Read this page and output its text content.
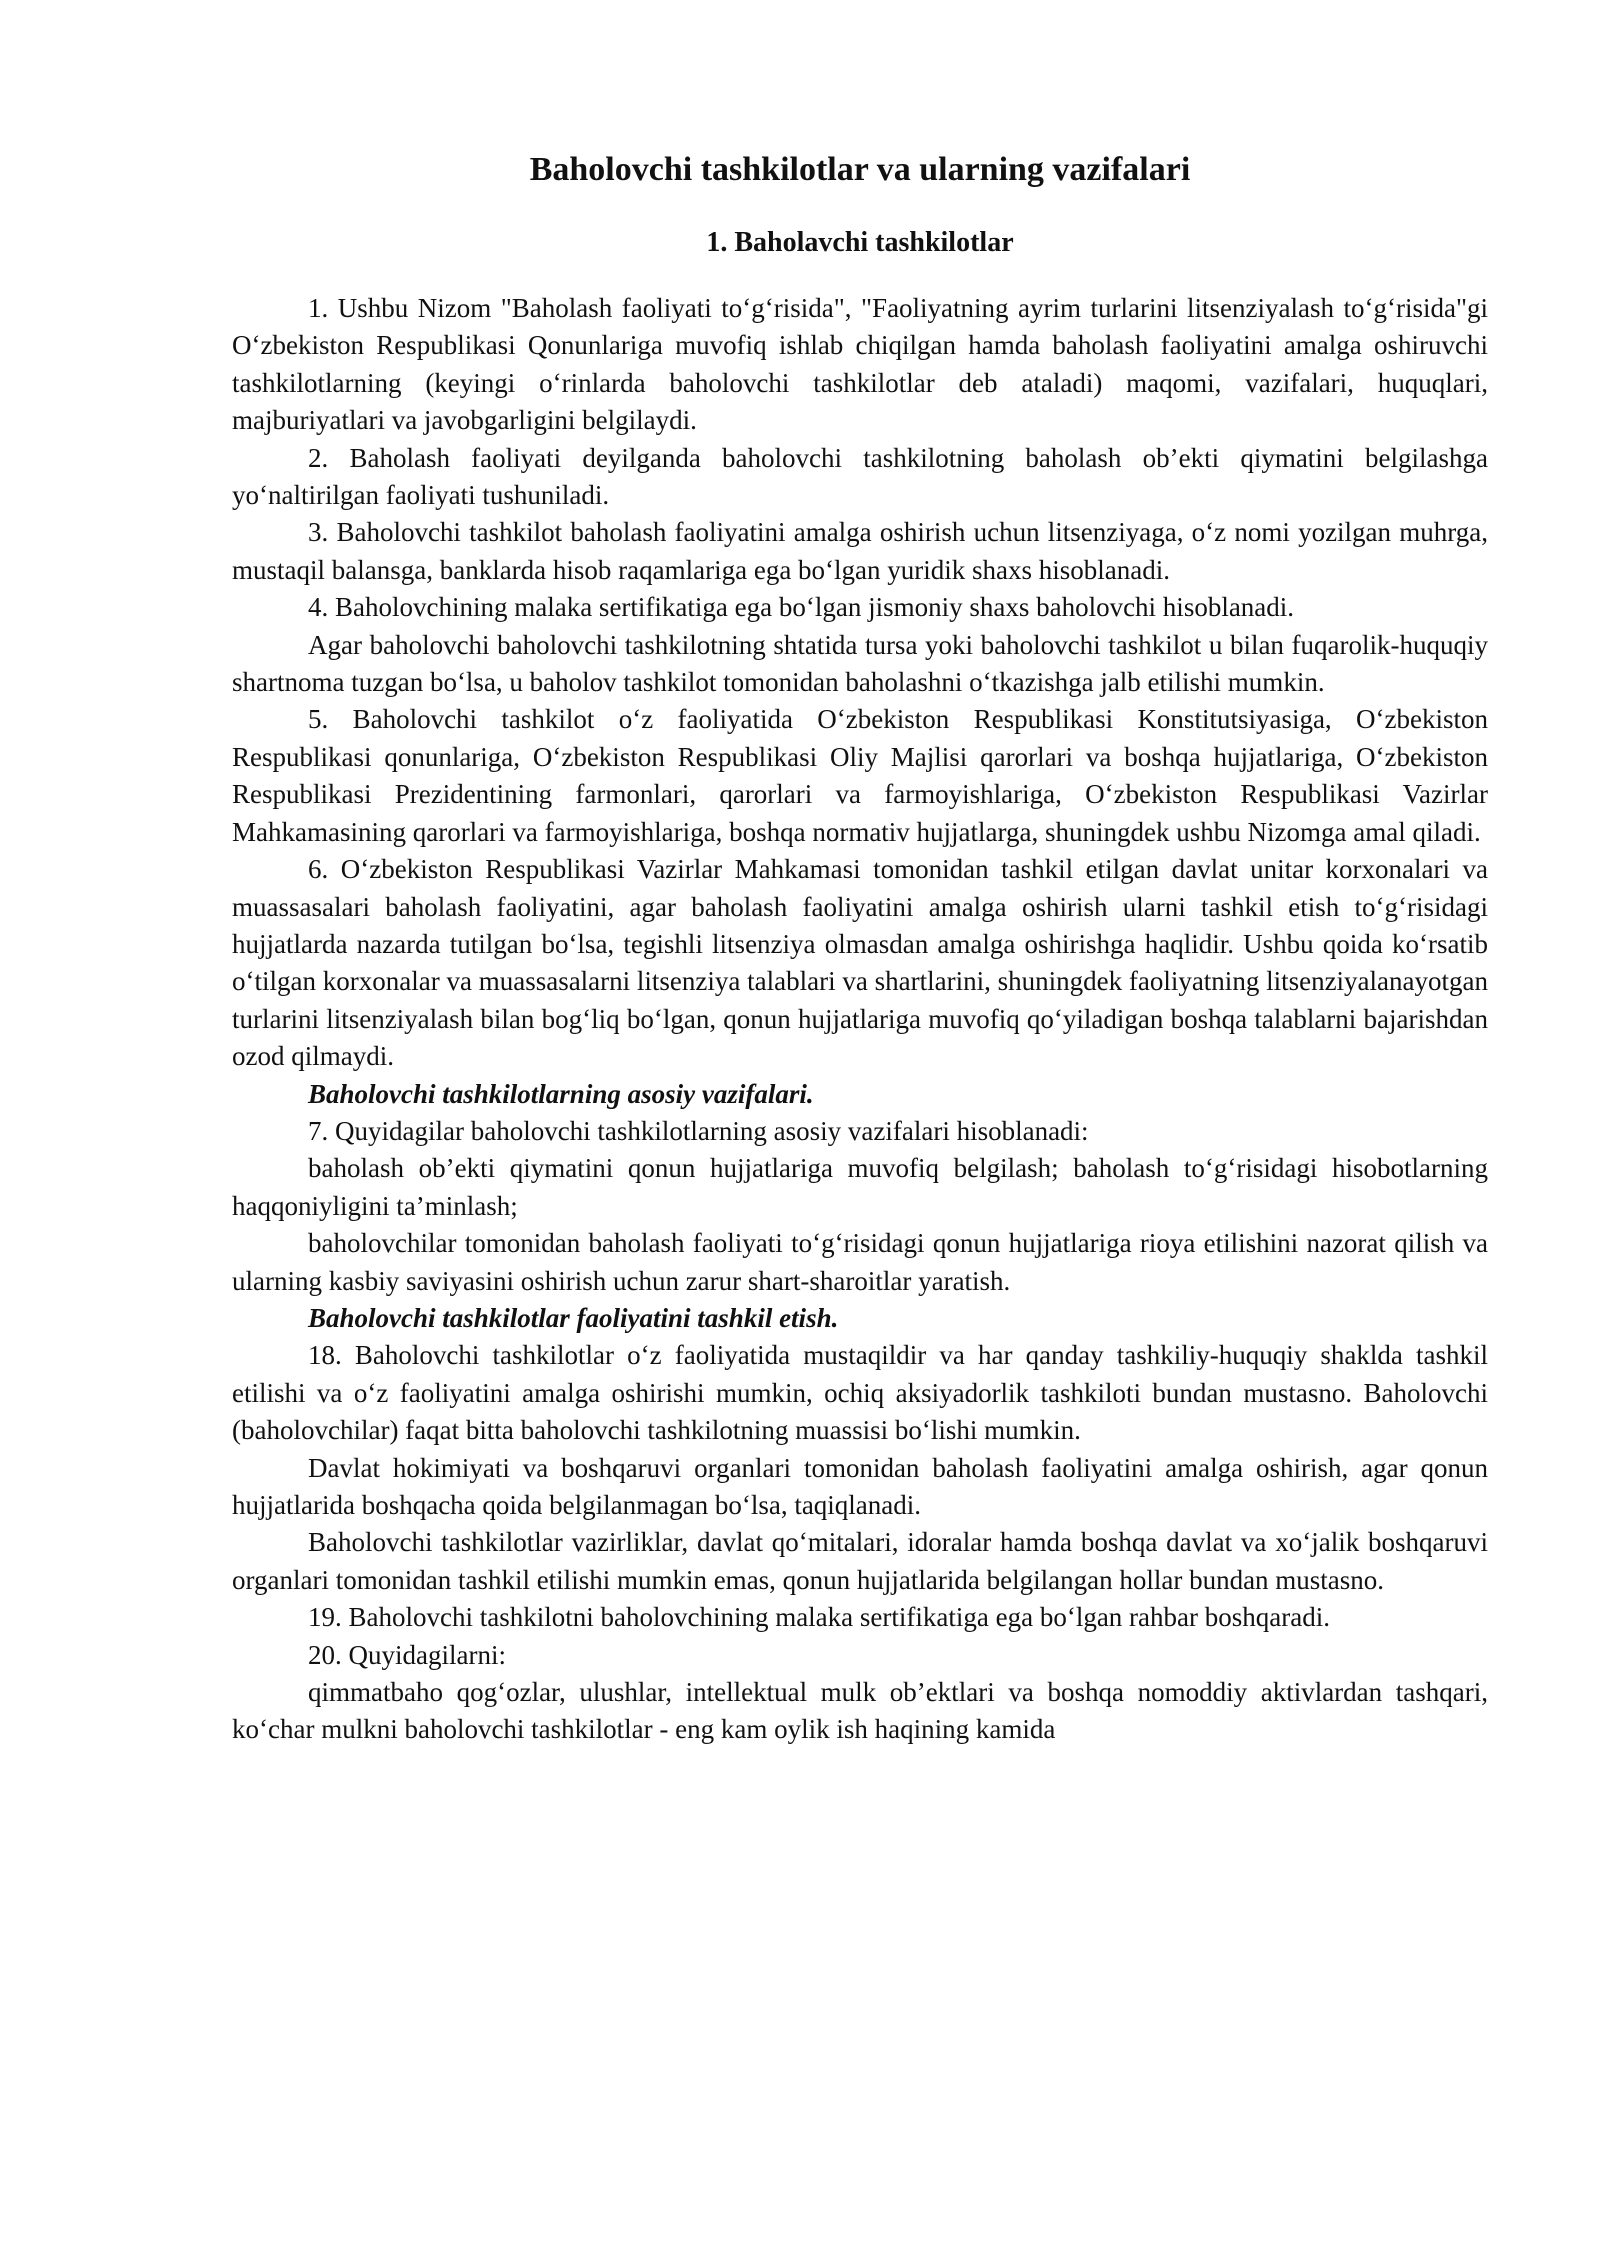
Baholovchi tashkilotlar va ularning vazifalari
1. Baholavchi tashkilotlar

1. Ushbu Nizom "Baholash faoliyati to‘g‘risida", "Faoliyatning ayrim turlarini litsenziyalash to‘g‘risida"gi O‘zbekiston Respublikasi Qonunlariga muvofiq ishlab chiqilgan hamda baholash faoliyatini amalga oshiruvchi tashkilotlarning (keyingi o‘rinlarda baholovchi tashkilotlar deb ataladi) maqomi, vazifalari, huquqlari, majburiyatlari va javobgarligini belgilaydi.

2. Baholash faoliyati deyilganda baholovchi tashkilotning baholash ob’ekti qiymatini belgilashga yo‘naltirilgan faoliyati tushuniladi.

3. Baholovchi tashkilot baholash faoliyatini amalga oshirish uchun litsenziyaga, o‘z nomi yozilgan muhrga, mustaqil balansga, banklarda hisob raqamlariga ega bo‘lgan yuridik shaxs hisoblanadi.

4. Baholovchining malaka sertifikatiga ega bo‘lgan jismoniy shaxs baholovchi hisoblanadi.

Agar baholovchi baholovchi tashkilotning shtatida tursa yoki baholovchi tashkilot u bilan fuqarolik-huquqiy shartnoma tuzgan bo‘lsa, u baholov tashkilot tomonidan baholashni o‘tkazishga jalb etilishi mumkin.

5. Baholovchi tashkilot o‘z faoliyatida O‘zbekiston Respublikasi Konstitutsiyasiga, O‘zbekiston Respublikasi qonunlariga, O‘zbekiston Respublikasi Oliy Majlisi qarorlari va boshqa hujjatlariga, O‘zbekiston Respublikasi Prezidentining farmonlari, qarorlari va farmoyishlariga, O‘zbekiston Respublikasi Vazirlar Mahkamasining qarorlari va farmoyishlariga, boshqa normativ hujjatlarga, shuningdek ushbu Nizomga amal qiladi.

6. O‘zbekiston Respublikasi Vazirlar Mahkamasi tomonidan tashkil etilgan davlat unitar korxonalari va muassasalari baholash faoliyatini, agar baholash faoliyatini amalga oshirish ularni tashkil etish to‘g‘risidagi hujjatlarda nazarda tutilgan bo‘lsa, tegishli litsenziya olmasdan amalga oshirishga haqlidir. Ushbu qoida ko‘rsatib o‘tilgan korxonalar va muassasalarni litsenziya talablari va shartlarini, shuningdek faoliyatning litsenziyalanayotgan turlarini litsenziyalash bilan bog‘liq bo‘lgan, qonun hujjatlariga muvofiq qo‘yiladigan boshqa talablarni bajarishdan ozod qilmaydi.

Baholovchi tashkilotlarning asosiy vazifalari.

7. Quyidagilar baholovchi tashkilotlarning asosiy vazifalari hisoblanadi:

baholash ob’ekti qiymatini qonun hujjatlariga muvofiq belgilash; baholash to‘g‘risidagi hisobotlarning haqqoniyligini ta’minlash;

baholovchilar tomonidan baholash faoliyati to‘g‘risidagi qonun hujjatlariga rioya etilishini nazorat qilish va ularning kasbiy saviyasini oshirish uchun zarur shart-sharoitlar yaratish.

Baholovchi tashkilotlar faoliyatini tashkil etish.

18. Baholovchi tashkilotlar o‘z faoliyatida mustaqildir va har qanday tashkiliy-huquqiy shaklda tashkil etilishi va o‘z faoliyatini amalga oshirishi mumkin, ochiq aksiyadorlik tashkiloti bundan mustasno. Baholovchi (baholovchilar) faqat bitta baholovchi tashkilotning muassisi bo‘lishi mumkin.

Davlat hokimiyati va boshqaruvi organlari tomonidan baholash faoliyatini amalga oshirish, agar qonun hujjatlarida boshqacha qoida belgilanmagan bo‘lsa, taqiqlanadi.

Baholovchi tashkilotlar vazirliklar, davlat qo‘mitalari, idoralar hamda boshqa davlat va xo‘jalik boshqaruvi organlari tomonidan tashkil etilishi mumkin emas, qonun hujjatlarida belgilangan hollar bundan mustasno.

19. Baholovchi tashkilotni baholovchining malaka sertifikatiga ega bo‘lgan rahbar boshqaradi.

20. Quyidagilarni:

qimmatbaho qog‘ozlar, ulushlar, intellektual mulk ob’ektlari va boshqa nomoddiy aktivlardan tashqari, ko‘char mulkni baholovchi tashkilotlar - eng kam oylik ish haqining kamida
